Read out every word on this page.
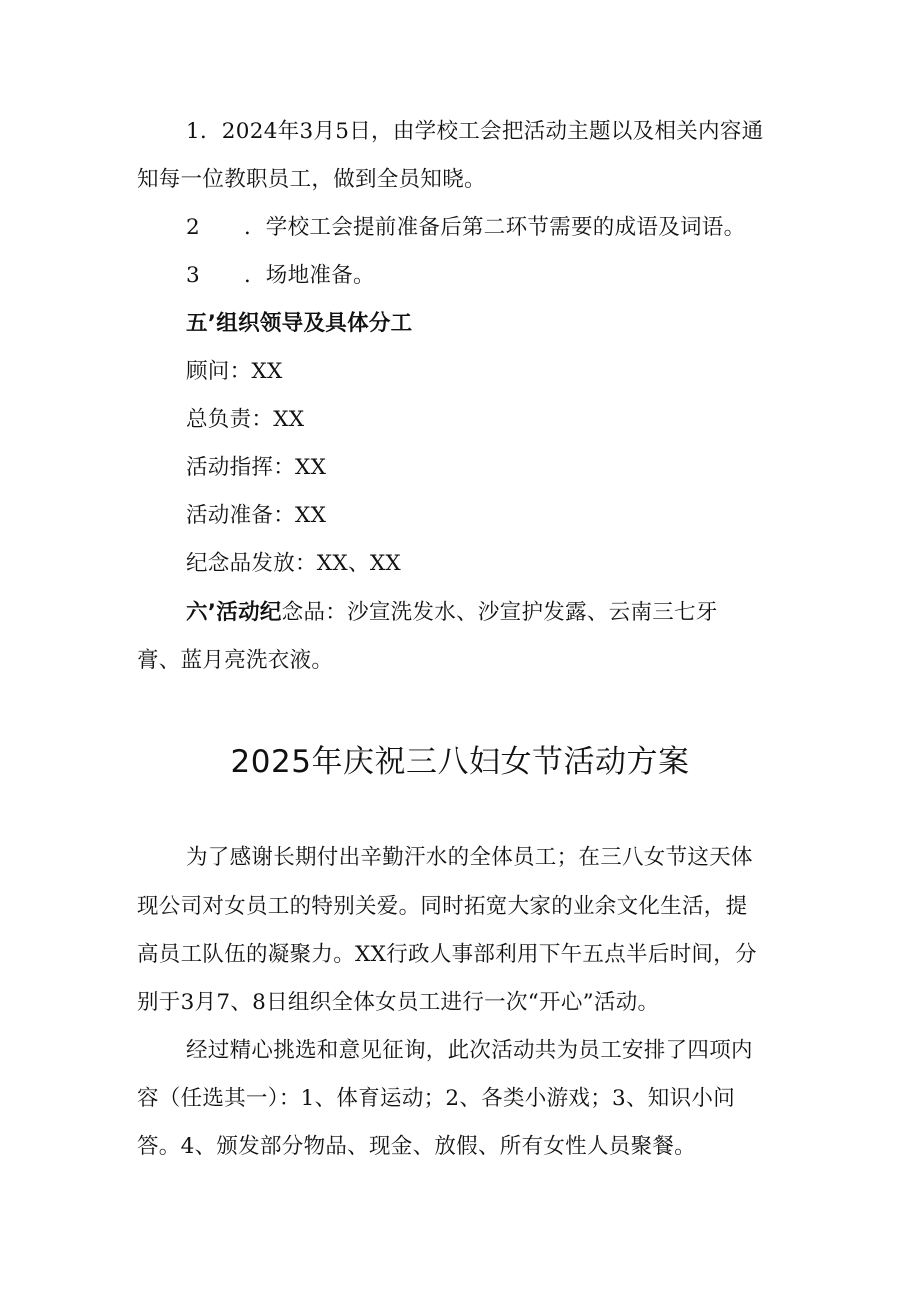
1．2024年3月5日，由学校工会把活动主题以及相关内容通
知每一位教职员工，做到全员知晓。
2 ．学校工会提前准备后第二环节需要的成语及词语。
3 ．场地准备。
五’组织领导及具体分工
顾问：XX
总负责：XX
活动指挥：XX
活动准备：XX
纪念品发放：XX、XX
六’活动纪念品：沙宣洗发水、沙宣护发露、云南三七牙
膏、蓝月亮洗衣液。
2025年庆祝三八妇女节活动方案
为了感谢长期付出辛勤汗水的全体员工；在三八女节这天体
现公司对女员工的特别关爱。同时拓宽大家的业余文化生活，提
高员工队伍的凝聚力。XX行政人事部利用下午五点半后时间，分
别于3月7、8日组织全体女员工进行一次“开心”活动。
经过精心挑选和意见征询，此次活动共为员工安排了四项内
容（任选其一）：1、体育运动；2、各类小游戏；3、知识小问
答。4、颁发部分物品、现金、放假、所有女性人员聚餐。
